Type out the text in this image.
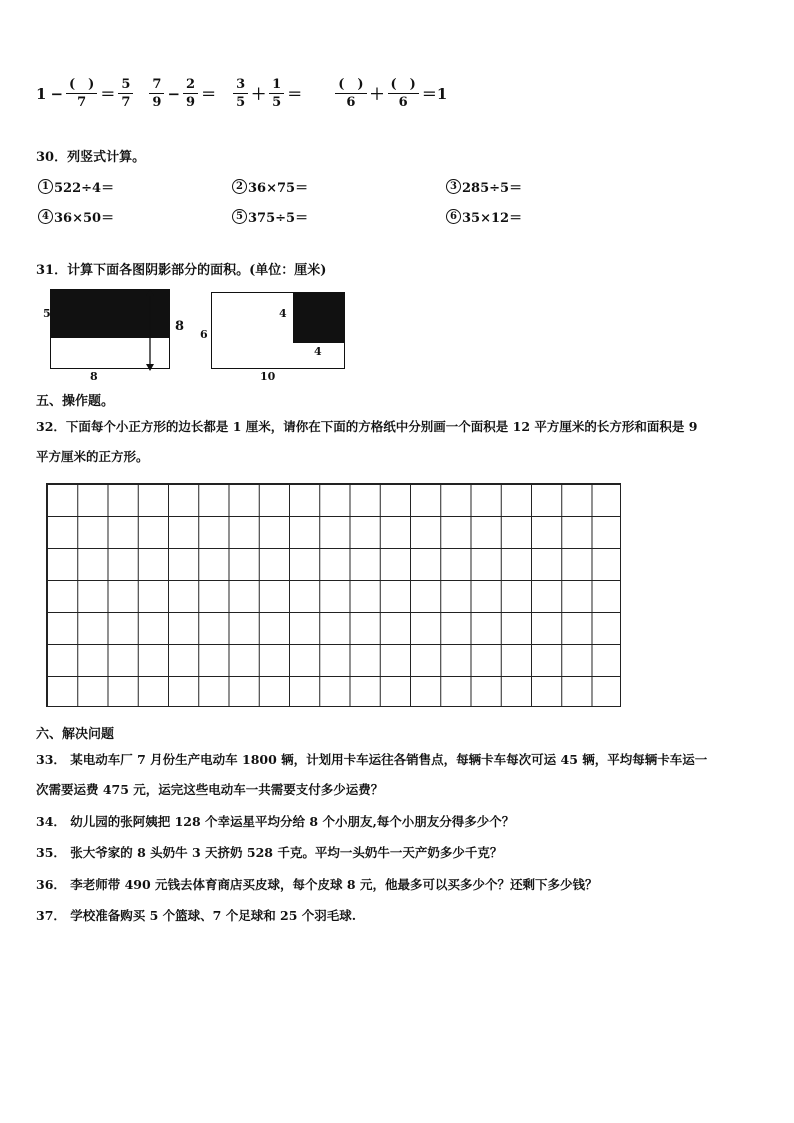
$1 - \frac{( )}{7} = \frac{5}{7} \frac{7}{9} - \frac{2}{9} = \frac{3}{5} + \frac{1}{5}$ ＝	$\frac{( )}{6} + \frac{( )}{6} =1$
30．列竖式计算。
1 522÷4＝	2 36×75＝	3 285÷5＝
4 36×50＝	5 375÷5＝	6 35×12＝
31．计算下面各图阴影部分的面积。(单位：厘米)
5
8
8
6
4
4
10
五、操作题。
32．下面每个小正方形的边长都是 1 厘米，请你在下面的方格纸中分别画一个面积是 12 平方厘米的长方形和面积是 9
平方厘米的正方形。
六、解决问题
33． 某电动车厂 7 月份生产电动车 1800 辆，计划用卡车运往各销售点，每辆卡车每次可运 45 辆，平均每辆卡车运一
次需要运费 475 元，运完这些电动车一共需要支付多少运费？
34． 幼儿园的张阿姨把 128 个幸运星平均分给 8 个小朋友,每个小朋友分得多少个？
35． 张大爷家的 8 头奶牛 3 天挤奶 528 千克。平均一头奶牛一天产奶多少千克？
36． 李老师带 490 元钱去体育商店买皮球，每个皮球 8 元，他最多可以买多少个？还剩下多少钱？
37． 学校准备购买 5 个篮球、7 个足球和 25 个羽毛球.
